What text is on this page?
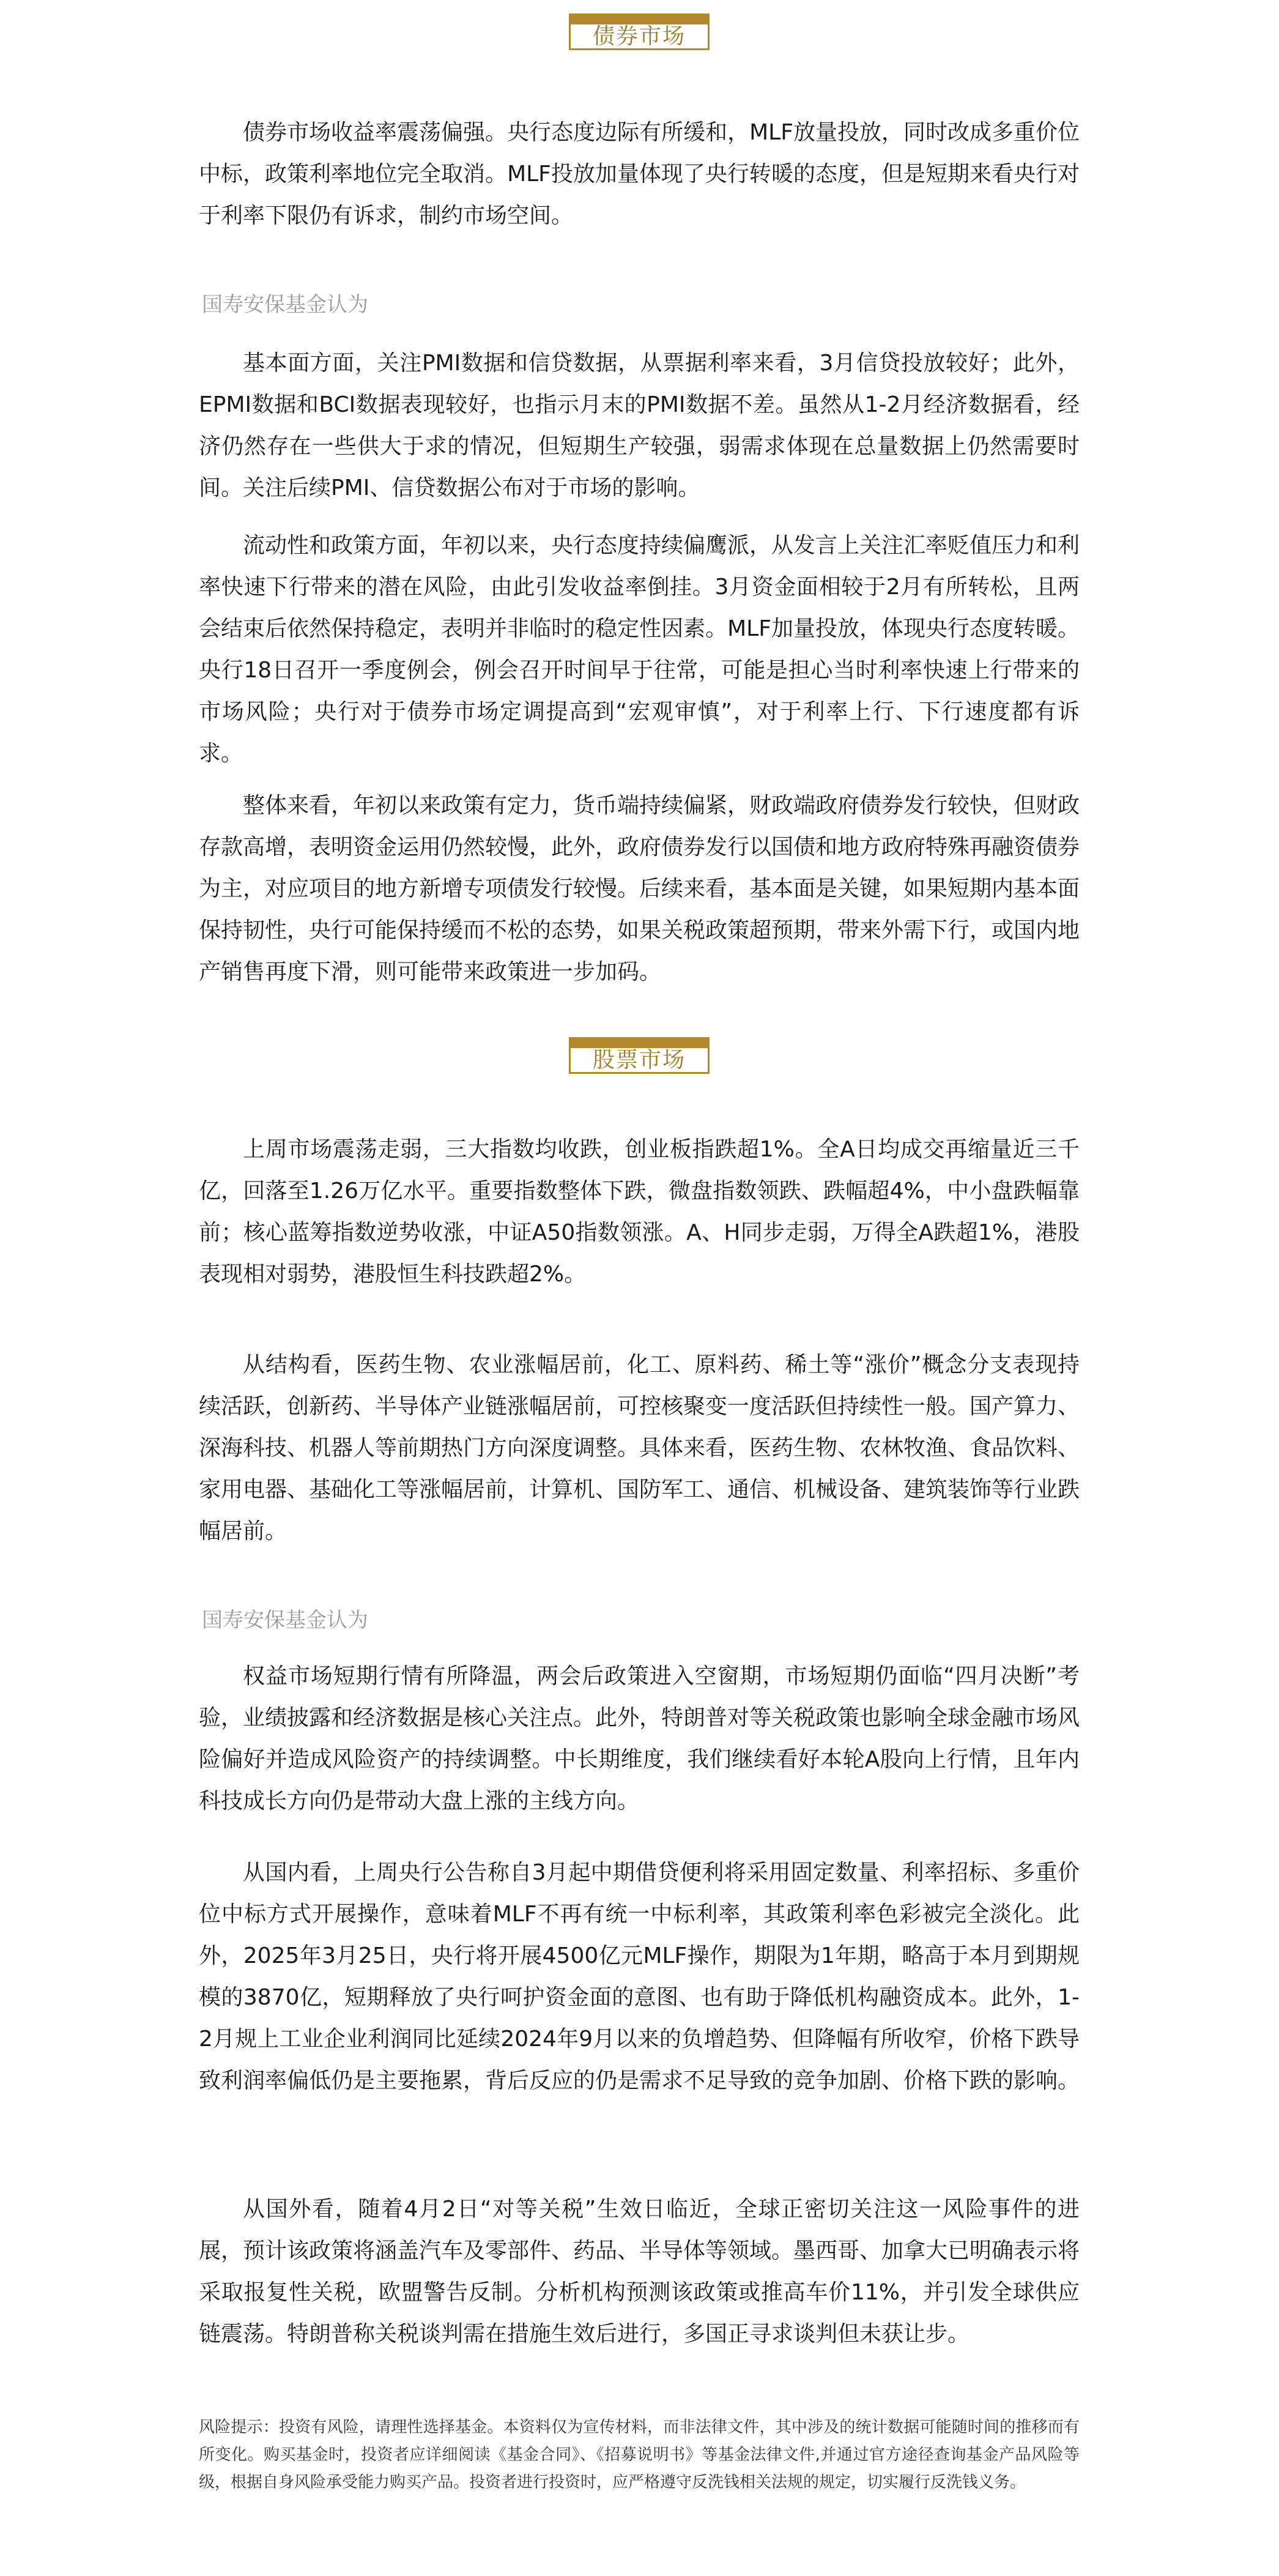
债券市场

债券市场收益率震荡偏强。央行态度边际有所缓和，MLF放量投放，同时改成多重价位中标，政策利率地位完全取消。MLF投放加量体现了央行转暖的态度，但是短期来看央行对于利率下限仍有诉求，制约市场空间。

国寿安保基金认为

基本面方面，关注PMI数据和信贷数据，从票据利率来看，3月信贷投放较好；此外，EPMI数据和BCI数据表现较好，也指示月末的PMI数据不差。虽然从1-2月经济数据看，经济仍然存在一些供大于求的情况，但短期生产较强，弱需求体现在总量数据上仍然需要时间。关注后续PMI、信贷数据公布对于市场的影响。

流动性和政策方面，年初以来，央行态度持续偏鹰派，从发言上关注汇率贬值压力和利率快速下行带来的潜在风险，由此引发收益率倒挂。3月资金面相较于2月有所转松，且两会结束后依然保持稳定，表明并非临时的稳定性因素。MLF加量投放，体现央行态度转暖。央行18日召开一季度例会，例会召开时间早于往常，可能是担心当时利率快速上行带来的市场风险；央行对于债券市场定调提高到“宏观审慎”，对于利率上行、下行速度都有诉求。

整体来看，年初以来政策有定力，货币端持续偏紧，财政端政府债券发行较快，但财政存款高增，表明资金运用仍然较慢，此外，政府债券发行以国债和地方政府特殊再融资债券为主，对应项目的地方新增专项债发行较慢。后续来看，基本面是关键，如果短期内基本面保持韧性，央行可能保持缓而不松的态势，如果关税政策超预期，带来外需下行，或国内地产销售再度下滑，则可能带来政策进一步加码。

股票市场

上周市场震荡走弱，三大指数均收跌，创业板指跌超1%。全A日均成交再缩量近三千亿，回落至1.26万亿水平。重要指数整体下跌，微盘指数领跌、跌幅超4%，中小盘跌幅靠前；核心蓝筹指数逆势收涨，中证A50指数领涨。A、H同步走弱，万得全A跌超1%，港股表现相对弱势，港股恒生科技跌超2%。

从结构看，医药生物、农业涨幅居前，化工、原料药、稀土等“涨价”概念分支表现持续活跃，创新药、半导体产业链涨幅居前，可控核聚变一度活跃但持续性一般。国产算力、深海科技、机器人等前期热门方向深度调整。具体来看，医药生物、农林牧渔、食品饮料、家用电器、基础化工等涨幅居前，计算机、国防军工、通信、机械设备、建筑装饰等行业跌幅居前。

国寿安保基金认为

权益市场短期行情有所降温，两会后政策进入空窗期，市场短期仍面临“四月决断”考验，业绩披露和经济数据是核心关注点。此外，特朗普对等关税政策也影响全球金融市场风险偏好并造成风险资产的持续调整。中长期维度，我们继续看好本轮A股向上行情，且年内科技成长方向仍是带动大盘上涨的主线方向。

从国内看，上周央行公告称自3月起中期借贷便利将采用固定数量、利率招标、多重价位中标方式开展操作，意味着MLF不再有统一中标利率，其政策利率色彩被完全淡化。此外，2025年3月25日，央行将开展4500亿元MLF操作，期限为1年期，略高于本月到期规模的3870亿，短期释放了央行呵护资金面的意图、也有助于降低机构融资成本。此外，1-2月规上工业企业利润同比延续2024年9月以来的负增趋势、但降幅有所收窄，价格下跌导致利润率偏低仍是主要拖累，背后反应的仍是需求不足导致的竞争加剧、价格下跌的影响。

从国外看，随着4月2日“对等关税”生效日临近，全球正密切关注这一风险事件的进展，预计该政策将涵盖汽车及零部件、药品、半导体等领域。墨西哥、加拿大已明确表示将采取报复性关税，欧盟警告反制。分析机构预测该政策或推高车价11%，并引发全球供应链震荡。特朗普称关税谈判需在措施生效后进行，多国正寻求谈判但未获让步。

风险提示：投资有风险，请理性选择基金。本资料仅为宣传材料，而非法律文件，其中涉及的统计数据可能随时间的推移而有所变化。购买基金时，投资者应详细阅读《基金合同》、《招募说明书》等基金法律文件,并通过官方途径查询基金产品风险等级，根据自身风险承受能力购买产品。投资者进行投资时，应严格遵守反洗钱相关法规的规定，切实履行反洗钱义务。
